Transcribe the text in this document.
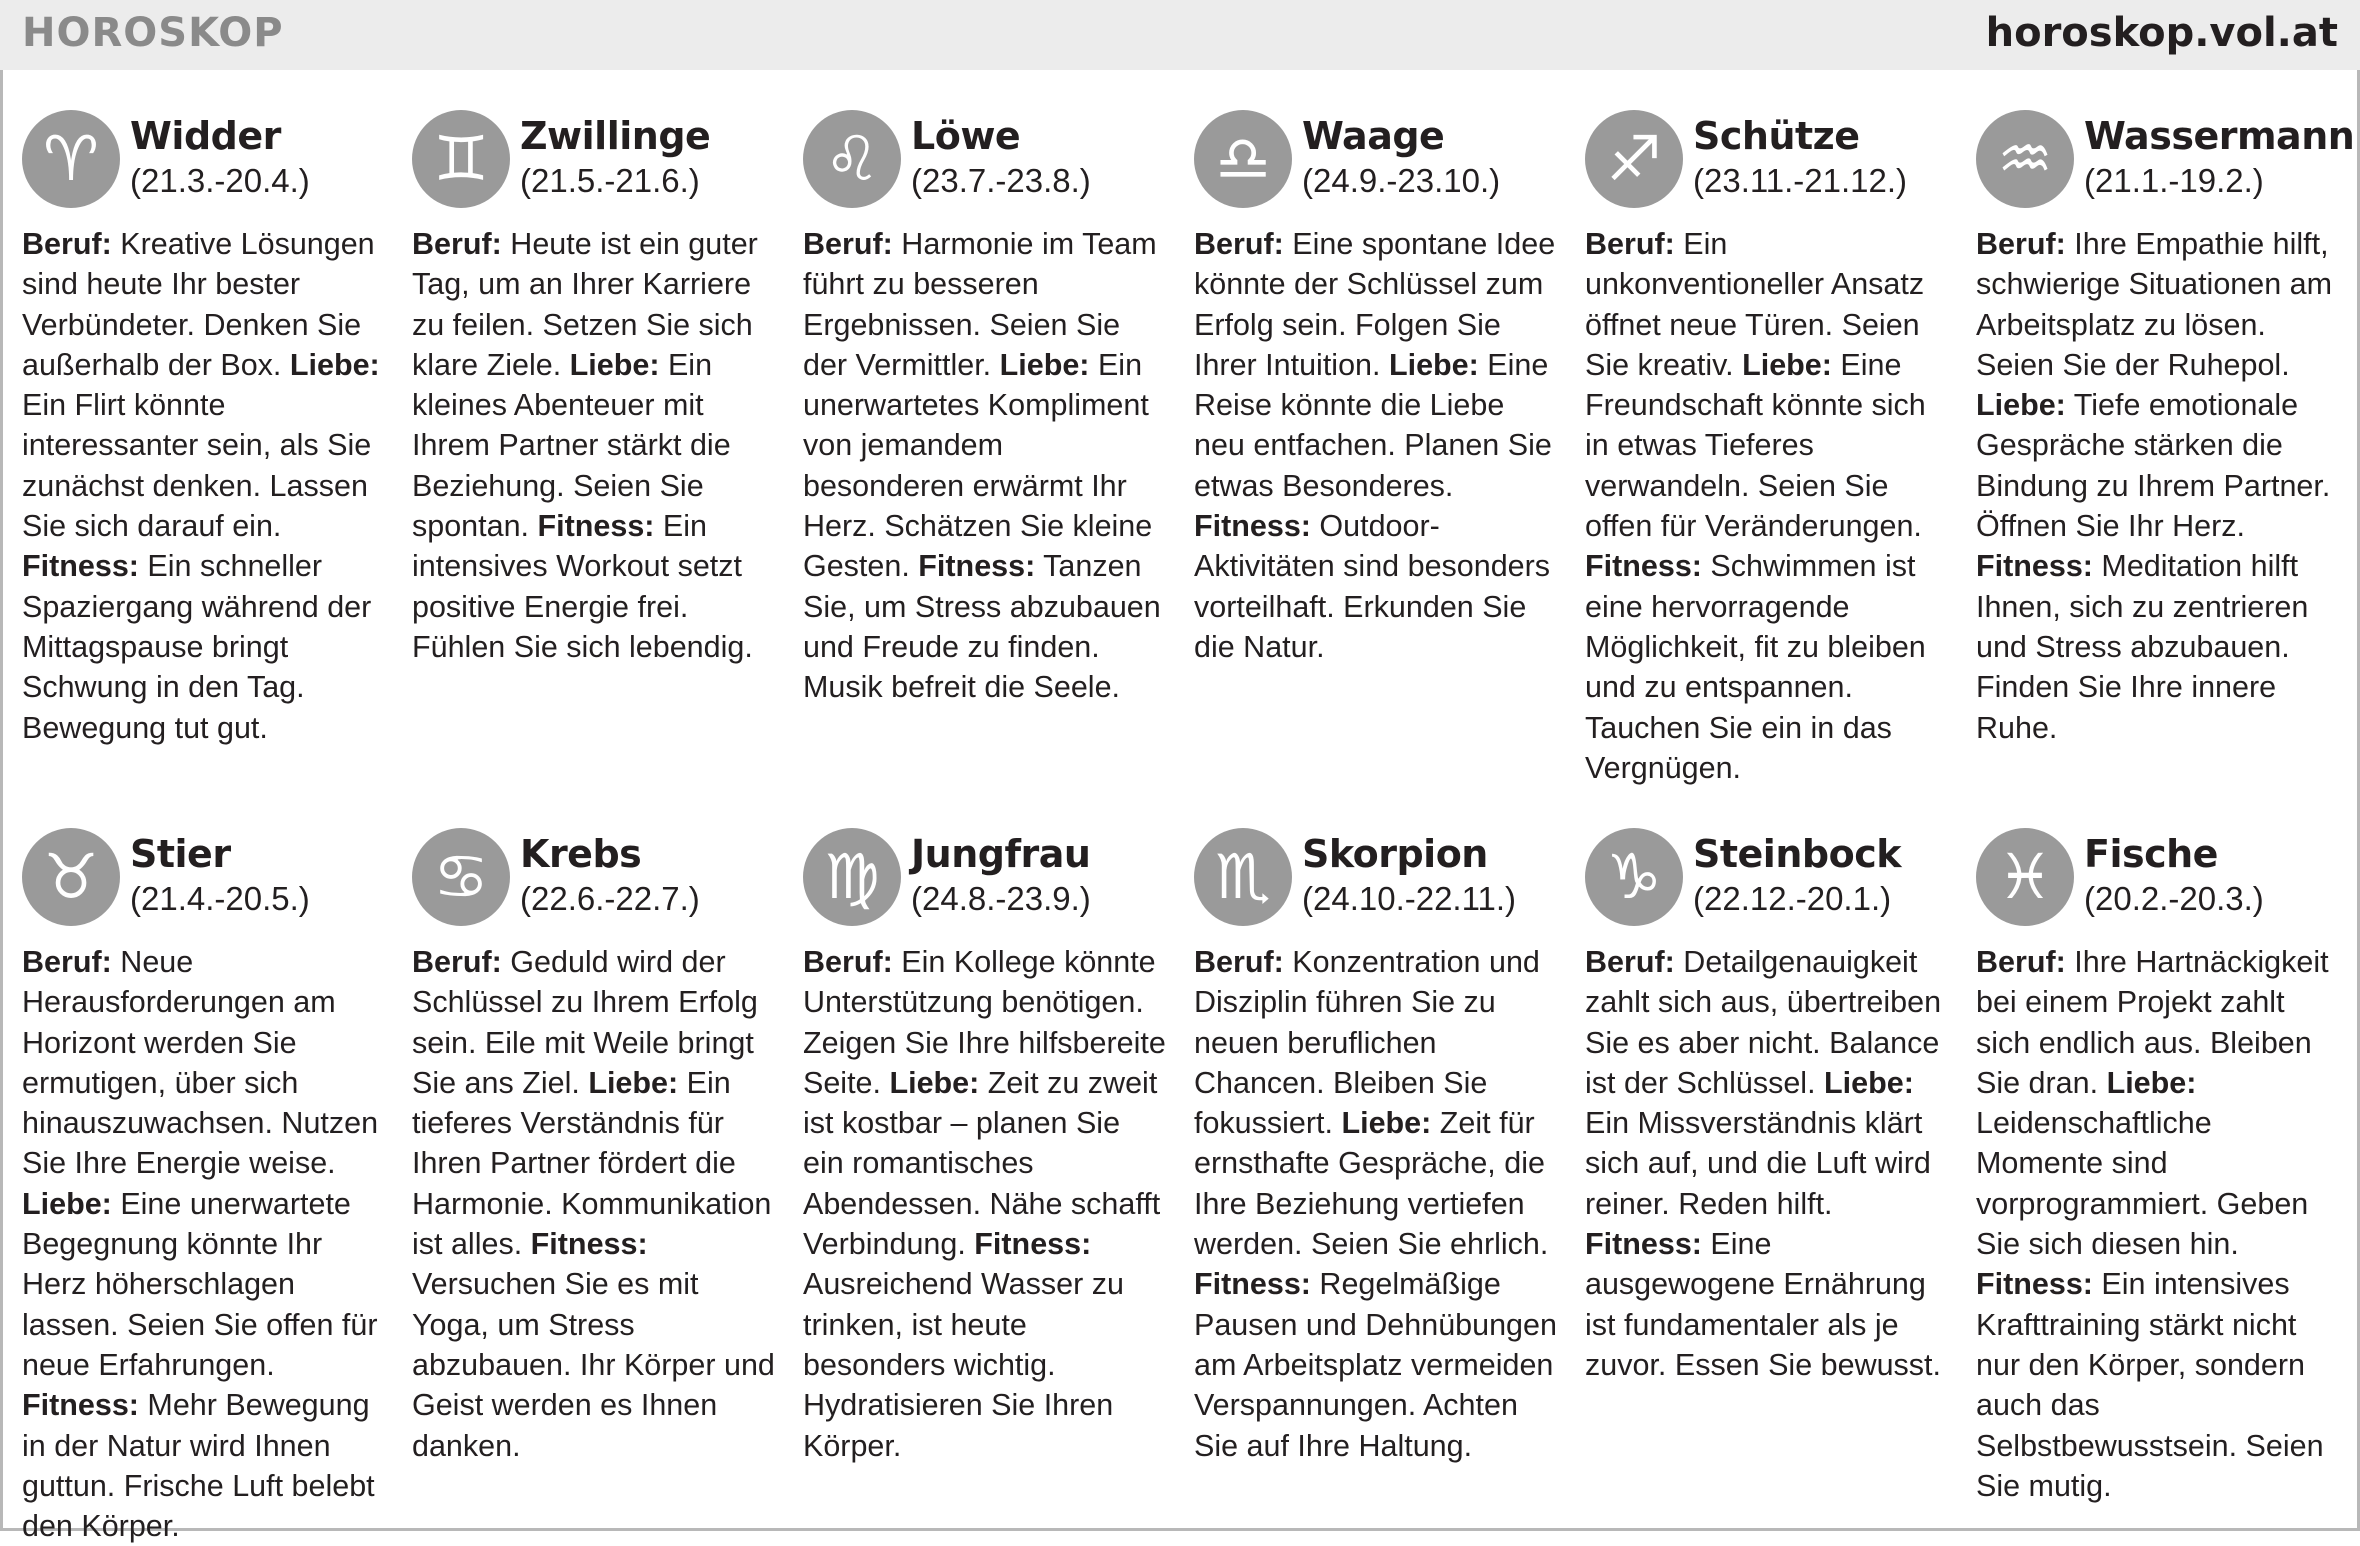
HOROSKOP	horoskop.vol.at
♈ Widder
(21.3.-20.4.)
Beruf: Kreative Lösungen sind heute Ihr bester Verbündeter. Denken Sie außerhalb der Box. Liebe: Ein Flirt könnte interessanter sein, als Sie zunächst denken. Lassen Sie sich darauf ein. Fitness: Ein schneller Spaziergang während der Mittagspause bringt Schwung in den Tag. Bewegung tut gut.
♊ Zwillinge
(21.5.-21.6.)
Beruf: Heute ist ein guter Tag, um an Ihrer Karriere zu feilen. Setzen Sie sich klare Ziele. Liebe: Ein kleines Abenteuer mit Ihrem Partner stärkt die Beziehung. Seien Sie spontan. Fitness: Ein intensives Workout setzt positive Energie frei. Fühlen Sie sich lebendig.
♌ Löwe
(23.7.-23.8.)
Beruf: Harmonie im Team führt zu besseren Ergebnissen. Seien Sie der Vermittler. Liebe: Ein unerwartetes Kompliment von jemandem besonderen erwärmt Ihr Herz. Schätzen Sie kleine Gesten. Fitness: Tanzen Sie, um Stress abzubauen und Freude zu finden. Musik befreit die Seele.
♎ Waage
(24.9.-23.10.)
Beruf: Eine spontane Idee könnte der Schlüssel zum Erfolg sein. Folgen Sie Ihrer Intuition. Liebe: Eine Reise könnte die Liebe neu entfachen. Planen Sie etwas Besonderes. Fitness: Outdoor-Aktivitäten sind besonders vorteilhaft. Erkunden Sie die Natur.
♐ Schütze
(23.11.-21.12.)
Beruf: Ein unkonventioneller Ansatz öffnet neue Türen. Seien Sie kreativ. Liebe: Eine Freundschaft könnte sich in etwas Tieferes verwandeln. Seien Sie offen für Veränderungen. Fitness: Schwimmen ist eine hervorragende Möglichkeit, fit zu bleiben und zu entspannen. Tauchen Sie ein in das Vergnügen.
♒ Wassermann
(21.1.-19.2.)
Beruf: Ihre Empathie hilft, schwierige Situationen am Arbeitsplatz zu lösen. Seien Sie der Ruhepol. Liebe: Tiefe emotionale Gespräche stärken die Bindung zu Ihrem Partner. Öffnen Sie Ihr Herz. Fitness: Meditation hilft Ihnen, sich zu zentrieren und Stress abzubauen. Finden Sie Ihre innere Ruhe.
♉ Stier
(21.4.-20.5.)
Beruf: Neue Herausforderungen am Horizont werden Sie ermutigen, über sich hinauszuwachsen. Nutzen Sie Ihre Energie weise. Liebe: Eine unerwartete Begegnung könnte Ihr Herz höherschlagen lassen. Seien Sie offen für neue Erfahrungen. Fitness: Mehr Bewegung in der Natur wird Ihnen guttun. Frische Luft belebt den Körper.
♋ Krebs
(22.6.-22.7.)
Beruf: Geduld wird der Schlüssel zu Ihrem Erfolg sein. Eile mit Weile bringt Sie ans Ziel. Liebe: Ein tieferes Verständnis für Ihren Partner fördert die Harmonie. Kommunikation ist alles. Fitness: Versuchen Sie es mit Yoga, um Stress abzubauen. Ihr Körper und Geist werden es Ihnen danken.
♍ Jungfrau
(24.8.-23.9.)
Beruf: Ein Kollege könnte Unterstützung benötigen. Zeigen Sie Ihre hilfsbereite Seite. Liebe: Zeit zu zweit ist kostbar – planen Sie ein romantisches Abendessen. Nähe schafft Verbindung. Fitness: Ausreichend Wasser zu trinken, ist heute besonders wichtig. Hydratisieren Sie Ihren Körper.
♏ Skorpion
(24.10.-22.11.)
Beruf: Konzentration und Disziplin führen Sie zu neuen beruflichen Chancen. Bleiben Sie fokussiert. Liebe: Zeit für ernsthafte Gespräche, die Ihre Beziehung vertiefen werden. Seien Sie ehrlich. Fitness: Regelmäßige Pausen und Dehnübungen am Arbeitsplatz vermeiden Verspannungen. Achten Sie auf Ihre Haltung.
♑ Steinbock
(22.12.-20.1.)
Beruf: Detailgenauigkeit zahlt sich aus, übertreiben Sie es aber nicht. Balance ist der Schlüssel. Liebe: Ein Missverständnis klärt sich auf, und die Luft wird reiner. Reden hilft. Fitness: Eine ausgewogene Ernährung ist fundamentaler als je zuvor. Essen Sie bewusst.
♓ Fische
(20.2.-20.3.)
Beruf: Ihre Hartnäckigkeit bei einem Projekt zahlt sich endlich aus. Bleiben Sie dran. Liebe: Leidenschaftliche Momente sind vorprogrammiert. Geben Sie sich diesen hin. Fitness: Ein intensives Krafttraining stärkt nicht nur den Körper, sondern auch das Selbstbewusstsein. Seien Sie mutig.
